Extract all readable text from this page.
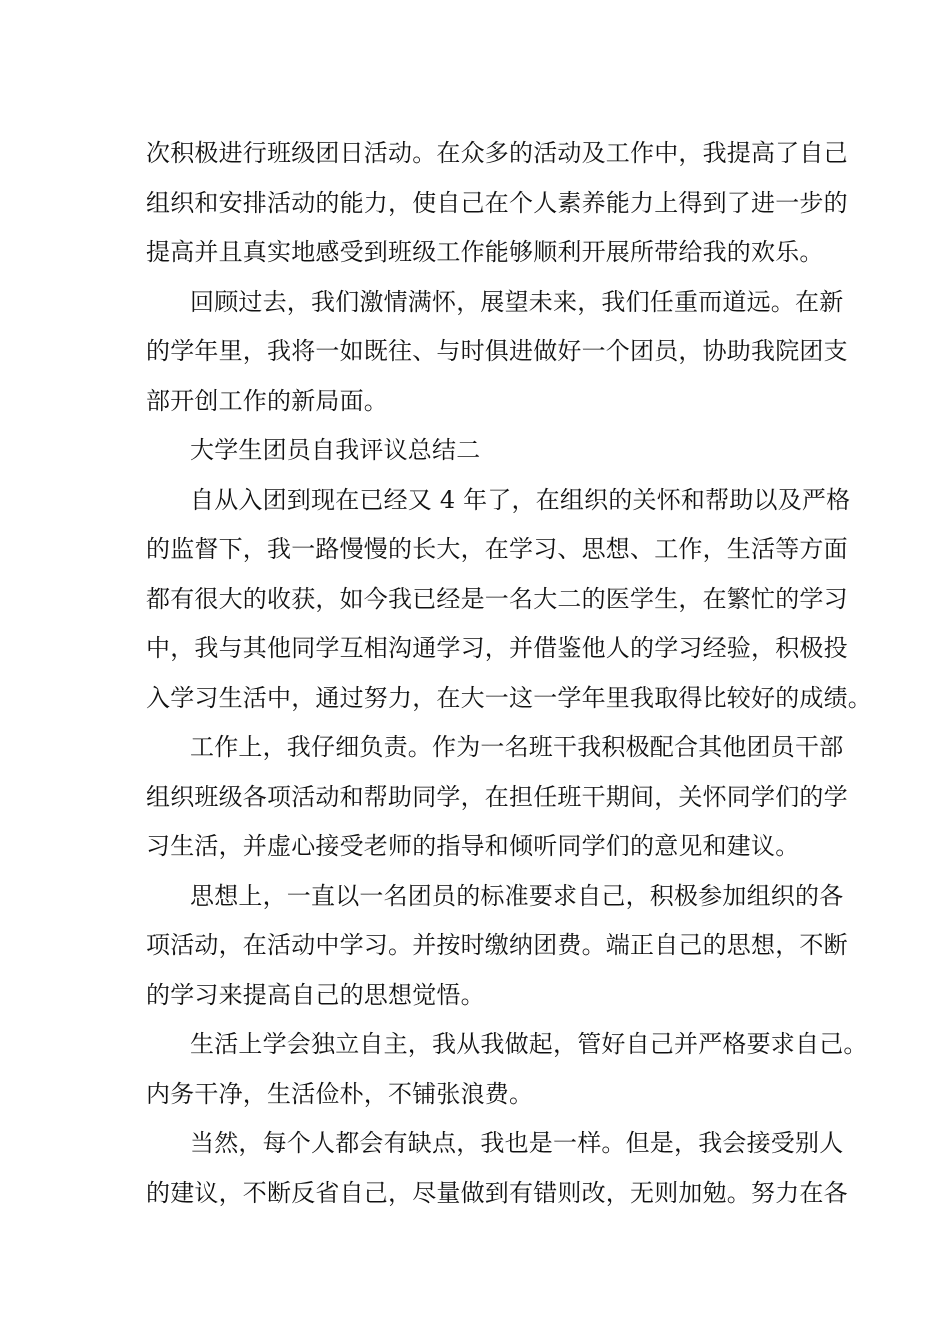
次积极进行班级团日活动。在众多的活动及工作中，我提高了自己
组织和安排活动的能力，使自己在个人素养能力上得到了进一步的
提高并且真实地感受到班级工作能够顺利开展所带给我的欢乐。
回顾过去，我们激情满怀，展望未来，我们任重而道远。在新
的学年里，我将一如既往、与时俱进做好一个团员，协助我院团支
部开创工作的新局面。
大学生团员自我评议总结二
自从入团到现在已经又 4 年了，在组织的关怀和帮助以及严格
的监督下，我一路慢慢的长大，在学习、思想、工作，生活等方面
都有很大的收获，如今我已经是一名大二的医学生，在繁忙的学习
中，我与其他同学互相沟通学习，并借鉴他人的学习经验，积极投
入学习生活中，通过努力，在大一这一学年里我取得比较好的成绩。
工作上，我仔细负责。作为一名班干我积极配合其他团员干部
组织班级各项活动和帮助同学，在担任班干期间，关怀同学们的学
习生活，并虚心接受老师的指导和倾听同学们的意见和建议。
思想上，一直以一名团员的标准要求自己，积极参加组织的各
项活动，在活动中学习。并按时缴纳团费。端正自己的思想，不断
的学习来提高自己的思想觉悟。
生活上学会独立自主，我从我做起，管好自己并严格要求自己。
内务干净，生活俭朴，不铺张浪费。
当然，每个人都会有缺点，我也是一样。但是，我会接受别人
的建议，不断反省自己，尽量做到有错则改，无则加勉。努力在各
